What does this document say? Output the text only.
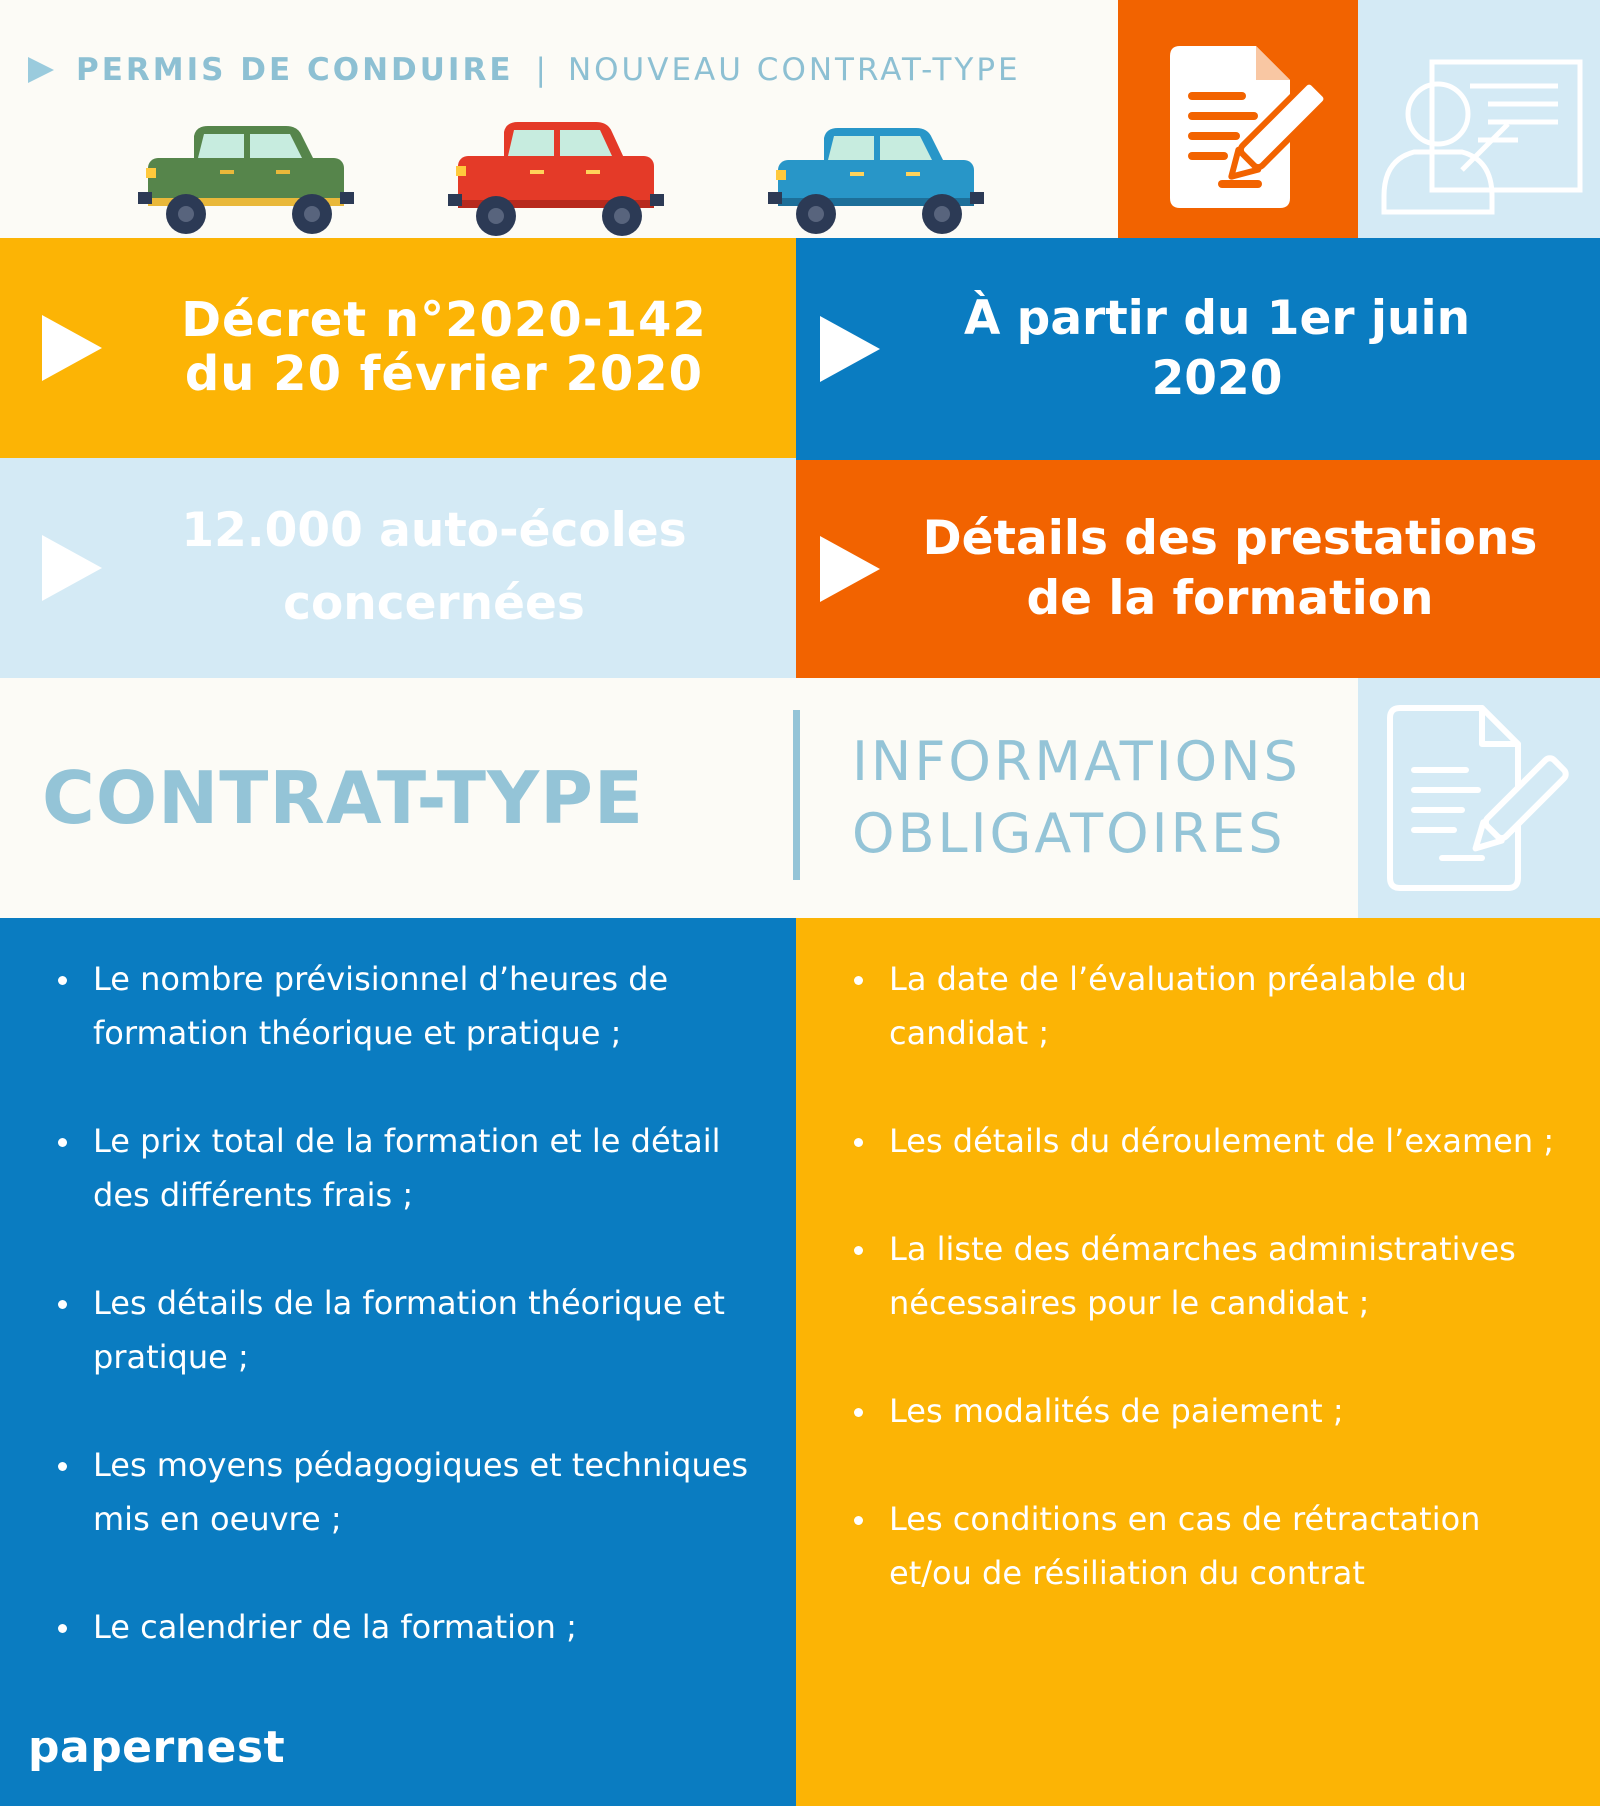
PERMIS DE CONDUIRE | NOUVEAU CONTRAT-TYPE
Décret n°2020-142 du 20 février 2020
À partir du 1er juin 2020
12.000 auto-écoles concernées
Détails des prestations de la formation
CONTRAT-TYPE	INFORMATIONS
OBLIGATOIRES
Le nombre prévisionnel d’heures de formation théorique et pratique ;
Le prix total de la formation et le détail des différents frais ;
Les détails de la formation théorique et pratique ;
Les moyens pédagogiques et techniques mis en oeuvre ;
Le calendrier de la formation ;
papernest
La date de l’évaluation préalable du candidat ;
Les détails du déroulement de l’examen ;
La liste des démarches administratives nécessaires pour le candidat ;
Les modalités de paiement ;
Les conditions en cas de rétractation et/ou de résiliation du contrat
